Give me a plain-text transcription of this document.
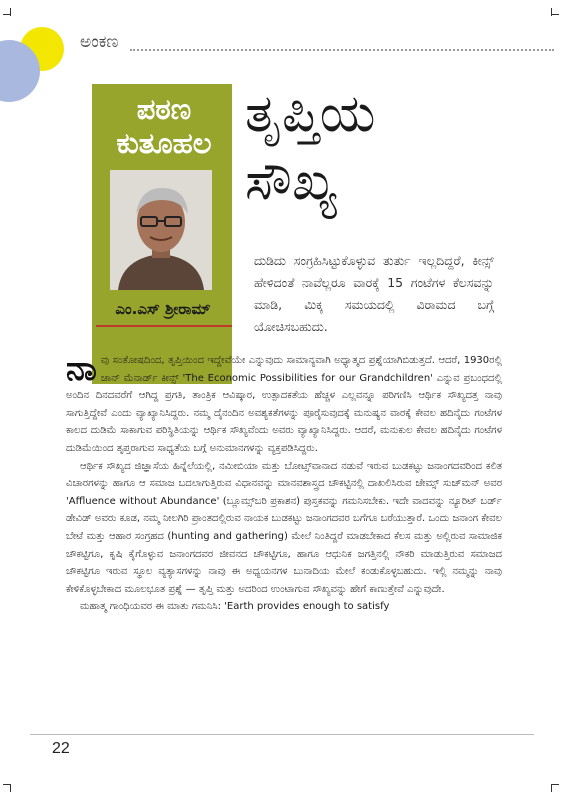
ಅಂಕಣ
ಪಠಣ
ಕುತೂಹಲ
ಎಂ.ಎಸ್ ಶ್ರೀರಾಮ್
ತೃಪ್ತಿಯ
ಸೌಖ್ಯ
ದುಡಿದು ಸಂಗ್ರಹಿಸಿಟ್ಟುಕೊಳ್ಳುವ ತುರ್ತು ಇಲ್ಲದಿದ್ದರೆ, ಕೀನ್ಸ್ ಹೇಳಿದಂತೆ ನಾವೆಲ್ಲರೂ ವಾರಕ್ಕೆ 15 ಗಂಟೆಗಳ ಕೆಲಸವನ್ನು ಮಾಡಿ, ಮಿಕ್ಕ ಸಮಯದಲ್ಲಿ ವಿರಾಮದ ಬಗ್ಗೆ ಯೋಚಿಸಬಹುದು.

ನಾವು ಸಂತೋಷದಿಂದ, ತೃಪ್ತಿಯಿಂದ ಇದ್ದೇವೆಯೇ ಎನ್ನುವುದು ಸಾಮಾನ್ಯವಾಗಿ ಅಧ್ಯಾತ್ಮದ ಪ್ರಶ್ನೆಯಾಗಿಬಿಡುತ್ತದೆ. ಆದರೆ, 1930ರಲ್ಲಿ ಜಾನ್ ಮೆನಾರ್ಡ್ ಕೀನ್ಸ್ 'The Economic Possibilities for our Grandchildren' ಎನ್ನುವ ಪ್ರಬಂಧದಲ್ಲಿ ಅಂದಿನ ದಿನದವರೆಗೆ ಆಗಿದ್ದ ಪ್ರಗತಿ, ತಾಂತ್ರಿಕ ಆವಿಷ್ಕಾರ, ಉತ್ಪಾದಕತೆಯ ಹೆಚ್ಚಳ ಎಲ್ಲವನ್ನೂ ಪರಿಗಣಿಸಿ ಆರ್ಥಿಕ ಸೌಖ್ಯದತ್ತ ನಾವು ಸಾಗುತ್ತಿದ್ದೇವೆ ಎಂದು ವ್ಯಾಖ್ಯಾನಿಸಿದ್ದರು. ನಮ್ಮ ದೈನಂದಿನ ಅವಶ್ಯಕತೆಗಳನ್ನು ಪೂರೈಸುವುದಕ್ಕೆ ಮನುಷ್ಯನ ವಾರಕ್ಕೆ ಕೇವಲ ಹದಿನೈದು ಗಂಟೆಗಳ ಕಾಲದ ದುಡಿಮೆ ಸಾಕಾಗುವ ಪರಿಸ್ಥಿತಿಯನ್ನು ಆರ್ಥಿಕ ಸೌಖ್ಯವೆಂದು ಅವರು ವ್ಯಾಖ್ಯಾನಿಸಿದ್ದರು. ಆದರೆ, ಮನುಕುಲ ಕೇವಲ ಹದಿನೈದು ಗಂಟೆಗಳ ದುಡಿಮೆಯಿಂದ ತೃಪ್ತರಾಗುವ ಸಾಧ್ಯತೆಯ ಬಗ್ಗೆ ಅನುಮಾನಗಳನ್ನು ವ್ಯಕ್ತಪಡಿಸಿದ್ದರು.

ಆರ್ಥಿಕ ಸೌಖ್ಯದ ಜಿಜ್ಞಾಸೆಯ ಹಿನ್ನೆಲೆಯಲ್ಲಿ, ನಮೀಬಿಯಾ ಮತ್ತು ಬೋಟ್ಸ್‌ವಾನಾದ ನಡುವೆ ಇರುವ ಬುಡಕಟ್ಟು ಜನಾಂಗದವರಿಂದ ಕಲಿತ ವಿಚಾರಗಳನ್ನು ಹಾಗೂ ಆ ಸಮಾಜ ಬದಲಾಗುತ್ತಿರುವ ವಿಧಾನವನ್ನು ಮಾನವಶಾಸ್ತ್ರದ ಚೌಕಟ್ಟಿನಲ್ಲಿ ದಾಖಲಿಸಿರುವ ಜೇಮ್ಸ್ ಸುಜ್‌ಮನ್ ಅವರ 'Affluence without Abundance' (ಬ್ಲೂಮ್ಸ್‌ಬರಿ ಪ್ರಕಾಶನ) ಪುಸ್ತಕವನ್ನು ಗಮನಿಸಬೇಕು. ಇದೇ ವಾದವನ್ನು ನ್ಯೂರಿಟ್ ಬರ್ಡ್ ಡೇವಿಡ್ ಅವರು ಕೂಡ, ನಮ್ಮ ನೀಲಗಿರಿ ಪ್ರಾಂತದಲ್ಲಿರುವ ನಾಯಕ ಬುಡಕಟ್ಟು ಜನಾಂಗದವರ ಬಗೆಗೂ ಬರೆಯುತ್ತಾರೆ. ಒಂದು ಜನಾಂಗ ಕೇವಲ ಬೇಟೆ ಮತ್ತು ಆಹಾರ ಸಂಗ್ರಹದ (hunting and gathering) ಮೇಲೆ ನಿಂತಿದ್ದರೆ ಮಾಡಬೇಕಾದ ಕೆಲಸ ಮತ್ತು ಅಲ್ಲಿರುವ ಸಾಮಾಜಿಕ ಚೌಕಟ್ಟಿಗೂ, ಕೃಷಿ ಕೈಗೊಳ್ಳುವ ಜನಾಂಗದವರ ಜೀವನದ ಚೌಕಟ್ಟಿಗೂ, ಹಾಗೂ ಆಧುನಿಕ ಜಗತ್ತಿನಲ್ಲಿ ನೌಕರಿ ಮಾಡುತ್ತಿರುವ ಸಮಾಜದ ಚೌಕಟ್ಟಿಗೂ ಇರುವ ಸ್ಥೂಲ ವ್ಯತ್ಯಾಸಗಳನ್ನು ನಾವು ಈ ಅಧ್ಯಯನಗಳ ಬುನಾದಿಯ ಮೇಲೆ ಕಂಡುಕೊಳ್ಳಬಹುದು. ಇಲ್ಲಿ ನಮ್ಮನ್ನು ನಾವು ಕೇಳಿಕೊಳ್ಳಬೇಕಾದ ಮೂಲಭೂತ ಪ್ರಶ್ನೆ — ತೃಪ್ತಿ ಮತ್ತು ಅದರಿಂದ ಉಂಟಾಗುವ ಸೌಖ್ಯವನ್ನು ಹೇಗೆ ಕಾಣುತ್ತೇವೆ ಎನ್ನುವುದೇ.

ಮಹಾತ್ಮ ಗಾಂಧಿಯವರ ಈ ಮಾತು ಗಮನಿಸಿ: 'Earth provides enough to satisfy

22
